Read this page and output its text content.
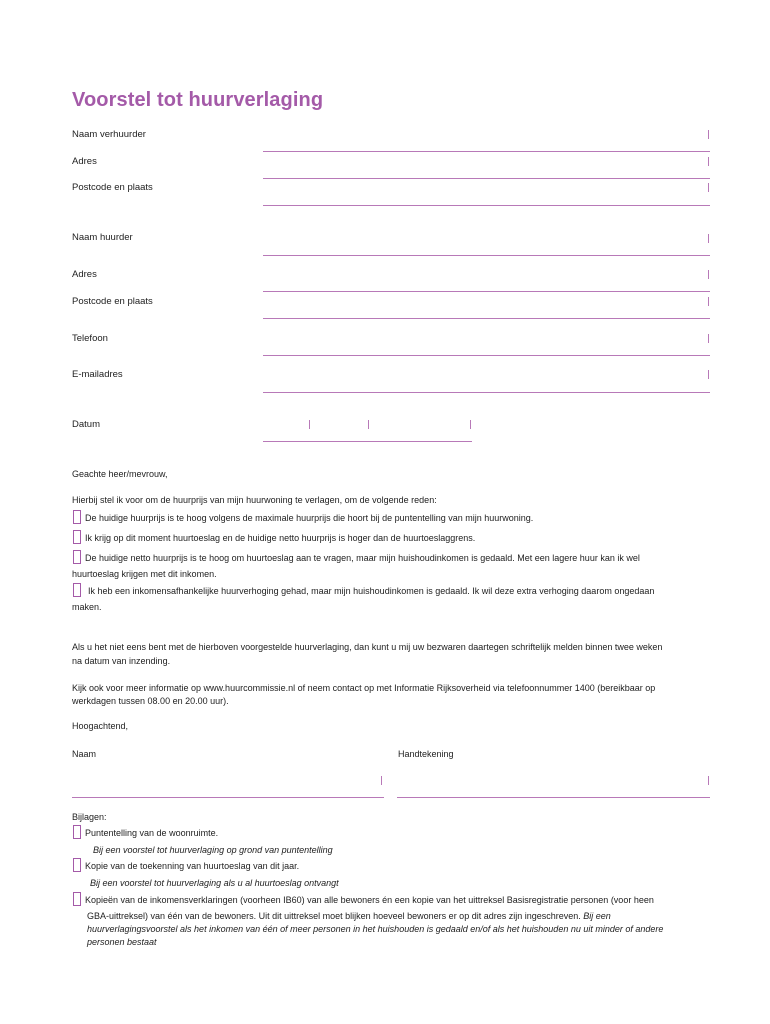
Voorstel tot huurverlaging
Naam verhuurder
Adres
Postcode en plaats
Naam huurder
Adres
Postcode en plaats
Telefoon
E-mailadres
Datum
Geachte heer/mevrouw,
Hierbij stel ik voor om de huurprijs van mijn huurwoning te verlagen, om de volgende reden:
De huidige huurprijs is te hoog volgens de maximale huurprijs die hoort bij de puntentelling van mijn huurwoning.
Ik krijg op dit moment huurtoeslag en de huidige netto huurprijs is hoger dan de huurtoeslaggrens.
De huidige netto huurprijs is te hoog om huurtoeslag aan te vragen, maar mijn huishoudinkomen is gedaald. Met een lagere huur kan ik wel
huurtoeslag krijgen met dit inkomen.
Ik heb een inkomensafhankelijke huurverhoging gehad, maar mijn huishoudinkomen is gedaald. Ik wil deze extra verhoging daarom ongedaan
maken.
Als u het niet eens bent met de hierboven voorgestelde huurverlaging, dan kunt u mij uw bezwaren daartegen schriftelijk melden binnen twee weken
na datum van inzending.
Kijk ook voor meer informatie op www.huurcommissie.nl of neem contact op met Informatie Rijksoverheid via telefoonnummer 1400 (bereikbaar op
werkdagen tussen 08.00 en 20.00 uur).
Hoogachtend,
Naam	Handtekening
Bijlagen:
Puntentelling van de woonruimte.
Bij een voorstel tot huurverlaging op grond van puntentelling
Kopie van de toekenning van huurtoeslag van dit jaar.
Bij een voorstel tot huurverlaging als u al huurtoeslag ontvangt
Kopieën van de inkomensverklaringen (voorheen IB60) van alle bewoners én een kopie van het uittreksel Basisregistratie personen (voor heen
GBA-uittreksel) van één van de bewoners. Uit dit uittreksel moet blijken hoeveel bewoners er op dit adres zijn ingeschreven. Bij een
huurverlagingsvoorstel als het inkomen van één of meer personen in het huishouden is gedaald en/of als het huishouden nu uit minder of andere
personen bestaat
